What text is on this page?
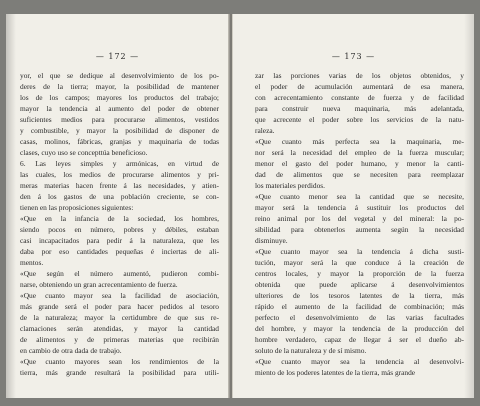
— 172 —
yor, el que se dedique al desenvolvimiento de los po-
deres de la tierra; mayor, la posibilidad de mantener
los de los campos; mayores los productos del trabajo;
mayor la tendencia al aumento del poder de obtener
suficientes medios para procurarse alimentos, vestidos
y combustible, y mayor la posibilidad de disponer de
casas, molinos, fábricas, granjas y maquinaria de todas
clases, cuyo uso se concepttúa beneficioso.
6. Las leyes simples y armónicas, en virtud de
las cuales, los medios de procurarse alimentos y pri-
meras materias hacen frente á las necesidades, y atien-
den á los gastos de una población creciente, se con-
tienen en las proposiciones siguientes:
«Que en la infancia de la sociedad, los hombres,
siendo pocos en número, pobres y débiles, estaban
casi incapacitados para pedir á la naturaleza, que les
daba por eso cantidades pequeñas é inciertas de ali-
mentos.
«Que según el número aumentó, pudieron combi-
narse, obteniendo un gran acrecentamiento de fuerza.
«Que cuanto mayor sea la facilidad de asociación,
más grande será el poder para hacer pedidos al tesoro
de la naturaleza; mayor la certidumbre de que sus re-
clamaciones serán atendidas, y mayor la cantidad
de alimentos y de primeras materias que recibirán
en cambio de otra dada de trabajo.
«Que cuanto mayores sean los rendimientos de la
tierra, más grande resultará la posibilidad para utili-
— 173 —
zar las porciones varias de los objetos obtenidos, y
el poder de acumulación aumentará de esa manera,
con acrecentamiento constante de fuerza y de facilidad
para construir nueva maquinaria, más adelantada,
que acrecente el poder sobre los servicios de la natu-
raleza.
«Que cuanto más perfecta sea la maquinaria, me-
nor será la necesidad del empleo de la fuerza muscular;
menor el gasto del poder humano, y menor la canti-
dad de alimentos que se necesiten para reemplazar
los materiales perdidos.
«Que cuanto menor sea la cantidad que se necesite,
mayor será la tendencia á sustituir los productos del
reino animal por los del vegetal y del mineral: la po-
sibilidad para obtenerlos aumenta según la necesidad
disminuye.
«Que cuanto mayor sea la tendencia á dicha susti-
tución, mayor será la que conduce á la creación de
centros locales, y mayor la proporción de la fuerza
obtenida que puede aplicarse á desenvolvimientos
ulteriores de los tesoros latentes de la tierra, más
rápido el aumento de la facilidad de combinación; más
perfecto el desenvolvimiento de las varias facultades
del hombre, y mayor la tendencia de la producción del
hombre verdadero, capaz de llegar á ser el dueño ab-
soluto de la naturaleza y de sí mismo.
«Que cuanto mayor sea la tendencia al desenvolvi-
miento de los poderes latentes de la tierra, más grande
